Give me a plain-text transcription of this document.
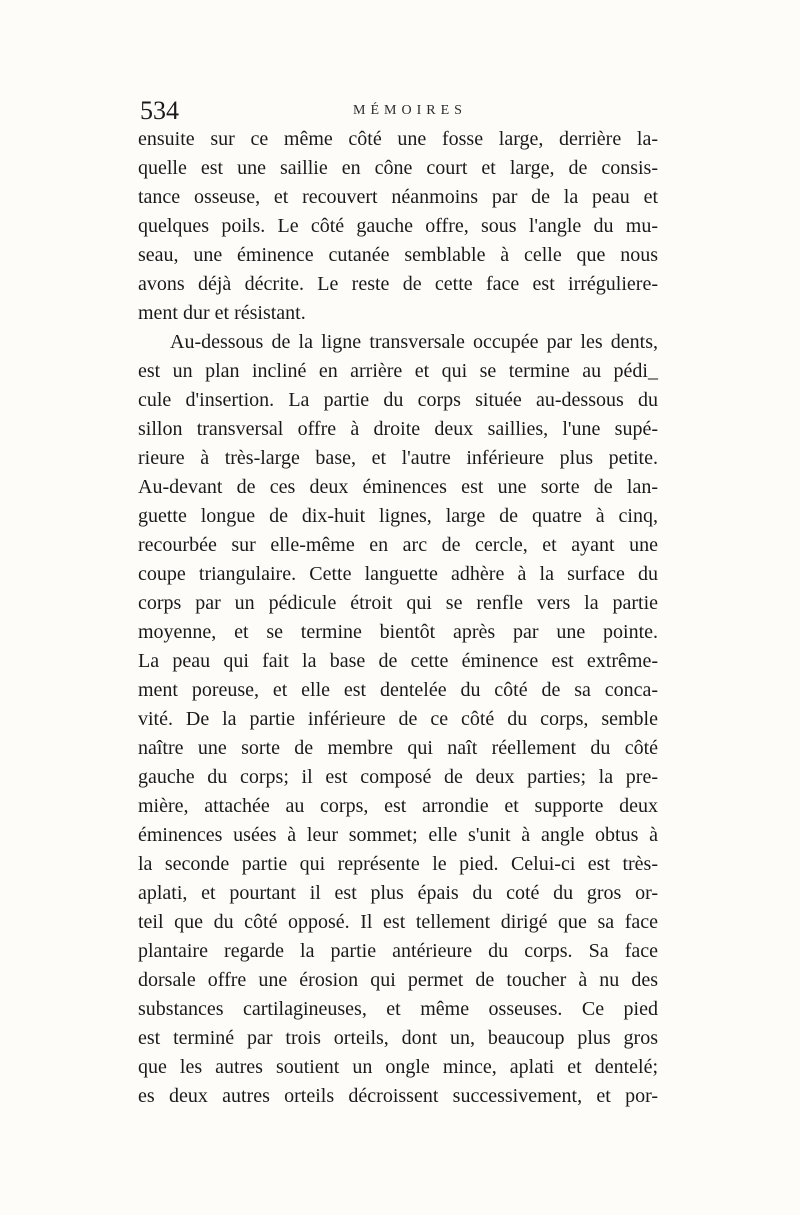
534	MÉMOIRES
ensuite sur ce même côté une fosse large, derrière la-
quelle est une saillie en cône court et large, de consis-
tance osseuse, et recouvert néanmoins par de la peau et
quelques poils. Le côté gauche offre, sous l'angle du mu-
seau, une éminence cutanée semblable à celle que nous
avons déjà décrite. Le reste de cette face est irréguliere-
ment dur et résistant.
Au-dessous de la ligne transversale occupée par les dents,
est un plan incliné en arrière et qui se termine au pédi_
cule d'insertion. La partie du corps située au-dessous du
sillon transversal offre à droite deux saillies, l'une supé-
rieure à très-large base, et l'autre inférieure plus petite.
Au-devant de ces deux éminences est une sorte de lan-
guette longue de dix-huit lignes, large de quatre à cinq,
recourbée sur elle-même en arc de cercle, et ayant une
coupe triangulaire. Cette languette adhère à la surface du
corps par un pédicule étroit qui se renfle vers la partie
moyenne, et se termine bientôt après par une pointe.
La peau qui fait la base de cette éminence est extrême-
ment poreuse, et elle est dentelée du côté de sa conca-
vité. De la partie inférieure de ce côté du corps, semble
naître une sorte de membre qui naît réellement du côté
gauche du corps; il est composé de deux parties; la pre-
mière, attachée au corps, est arrondie et supporte deux
éminences usées à leur sommet; elle s'unit à angle obtus à
la seconde partie qui représente le pied. Celui-ci est très-
aplati, et pourtant il est plus épais du coté du gros or-
teil que du côté opposé. Il est tellement dirigé que sa face
plantaire regarde la partie antérieure du corps. Sa face
dorsale offre une érosion qui permet de toucher à nu des
substances cartilagineuses, et même osseuses. Ce pied
est terminé par trois orteils, dont un, beaucoup plus gros
que les autres soutient un ongle mince, aplati et dentelé;
es deux autres orteils décroissent successivement, et por-
